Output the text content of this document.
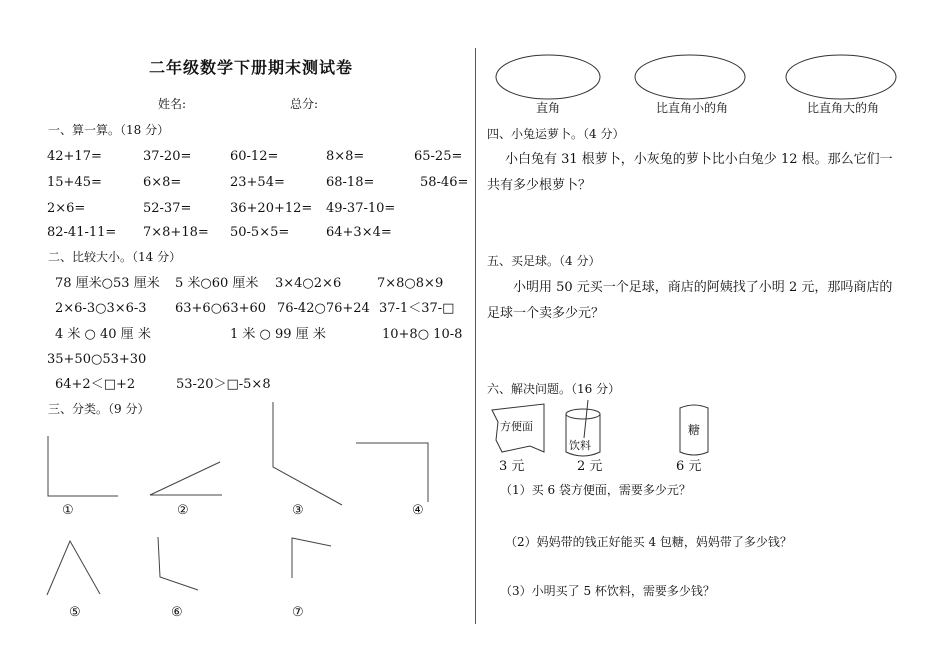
二年级数学下册期末测试卷
姓名:	总分:
一、算一算。（18 分）
42+17=	37-20=	60-12=	8×8=	65-25=
15+45=	6×8=	23+54=	68-18=	58-46=
2×6=	52-37=	36+20+12= 49-37-10=
82-41-11= 7×8+18= 50-5×5=	64+3×4=
二、比较大小。（14 分）
78 厘米○53 厘米 5 米○60 厘米 3×4○2×6	7×8○8×9
2×6-3○3×6-3 63+6○63+60 76-42○76+24 37-1＜37-□
4 米 ○ 40 厘 米	1 米 ○ 99 厘 米	10+8○ 10-8
35+50○53+30
64+2＜□+2	53-20＞□-5×8
三、分类。（9 分）
①	②	③	④
⑤	⑥	⑦
直角	比直角小的角	比直角大的角
四、小兔运萝卜。（4 分）
小白兔有 31 根萝卜，小灰兔的萝卜比小白兔少 12 根。那么它们一
共有多少根萝卜？
五、买足球。（4 分）
小明用 50 元买一个足球，商店的阿姨找了小明 2 元，那吗商店的
足球一个卖多少元？
六、解决问题。（16 分）
方便面
饮料
糖
3 元	2 元	6 元
（1）买 6 袋方便面，需要多少元？
（2）妈妈带的钱正好能买 4 包糖，妈妈带了多少钱？
（3）小明买了 5 杯饮料，需要多少钱？
